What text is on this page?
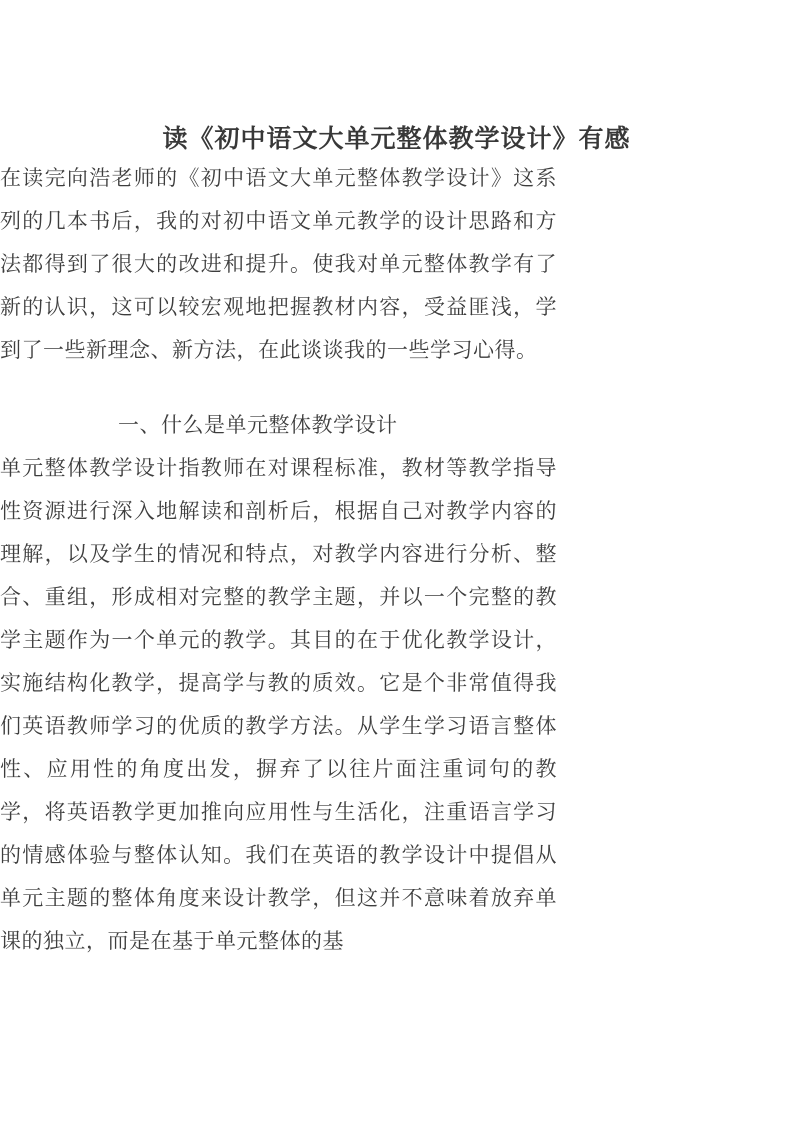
读《初中语文大单元整体教学设计》有感

在读完向浩老师的《初中语文大单元整体教学设计》这系列的几本书后，我的对初中语文单元教学的设计思路和方法都得到了很大的改进和提升。使我对单元整体教学有了新的认识，这可以较宏观地把握教材内容，受益匪浅，学到了一些新理念、新方法，在此谈谈我的一些学习心得。

一、什么是单元整体教学设计

单元整体教学设计指教师在对课程标准，教材等教学指导性资源进行深入地解读和剖析后，根据自己对教学内容的理解，以及学生的情况和特点，对教学内容进行分析、整合、重组，形成相对完整的教学主题，并以一个完整的教学主题作为一个单元的教学。其目的在于优化教学设计，实施结构化教学，提高学与教的质效。它是个非常值得我们英语教师学习的优质的教学方法。从学生学习语言整体性、应用性的角度出发，摒弃了以往片面注重词句的教学，将英语教学更加推向应用性与生活化，注重语言学习的情感体验与整体认知。我们在英语的教学设计中提倡从单元主题的整体角度来设计教学，但这并不意味着放弃单课的独立，而是在基于单元整体的基
